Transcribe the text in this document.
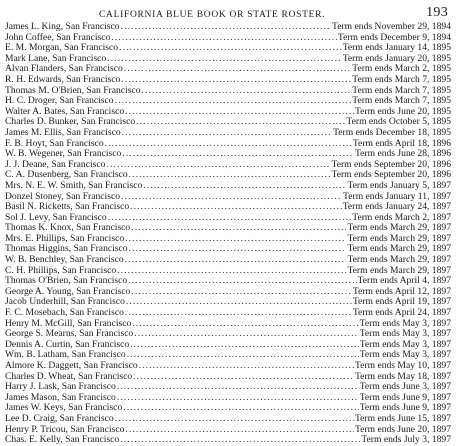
CALIFORNIA BLUE BOOK OR STATE ROSTER.	193
James L. King, San Francisco .....	Term ends November 29, 1894
John Coffee, San Francisco .....	Term ends December 9, 1894
E. M. Morgan, San Francisco .....	Term ends January 14, 1895
Mark Lane, San Francisco .....	Term ends January 20, 1895
Alvan Flanders, San Francisco .....	Term ends March 2, 1895
R. H. Edwards, San Francisco .....	Term ends March 7, 1895
Thomas M. O'Brien, San Francisco .....	Term ends March 7, 1895
H. C. Droger, San Francisco .....	Term ends March 7, 1895
Walter A. Bates, San Francisco .....	Term ends June 20, 1895
Charles D. Bunker, San Francisco .....	Term ends October 5, 1895
James M. Ellis, San Francisco .....	Term ends December 18, 1895
F. B. Hoyt, San Francisco .....	Term ends April 18, 1896
W. B. Wegener, San Francisco .....	Term ends June 28, 1896
J. J. Deane, San Francisco .....	Term ends September 20, 1896
C. A. Dusenberg, San Francisco .....	Term ends September 20, 1896
Mrs. N. E. W. Smith, San Francisco .....	Term ends January 5, 1897
Donzel Stoney, San Francisco .....	Term ends January 11, 1897
Basil N. Ricketts, San Francisco .....	Term ends January 24, 1897
Sol J. Levy, San Francisco .....	Term ends March 2, 1897
Thomas K. Knox, San Francisco .....	Term ends March 29, 1897
Mrs. E. Phillips, San Francisco .....	Term ends March 29, 1897
Thomas Higgins, San Francisco .....	Term ends March 29, 1897
W. B. Benchley, San Francisco .....	Term ends March 29, 1897
C. H. Phillips, San Francisco .....	Term ends March 29, 1897
Thomas O'Brien, San Francisco .....	Term ends April 4, 1897
George A. Young, San Francisco .....	Term ends April 12, 1897
Jacob Underhill, San Francisco .....	Term ends April 19, 1897
F. C. Mosebach, San Francisco .....	Term ends April 24, 1897
Henry M. McGill, San Francisco .....	Term ends May 3, 1897
George S. Mearns, San Francisco .....	Term ends May 3, 1897
Dennis A. Curtin, San Francisco .....	Term ends May 3, 1897
Wm. B. Latham, San Francisco .....	Term ends May 3, 1897
Almore K. Daggett, San Francisco .....	Term ends May 10, 1897
Charles D. Wheat, San Francisco .....	Term ends May 18, 1897
Harry J. Lask, San Francisco .....	Term ends June 3, 1897
James Mason, San Francisco .....	Term ends June 9, 1897
James W. Keys, San Francisco .....	Term ends June 9, 1897
Lee D. Craig, San Francisco .....	Term ends June 15, 1897
Henry P. Tricou, San Francisco .....	Term ends June 20, 1897
Chas. E. Kelly, San Francisco .....	Term ends July 3, 1897
